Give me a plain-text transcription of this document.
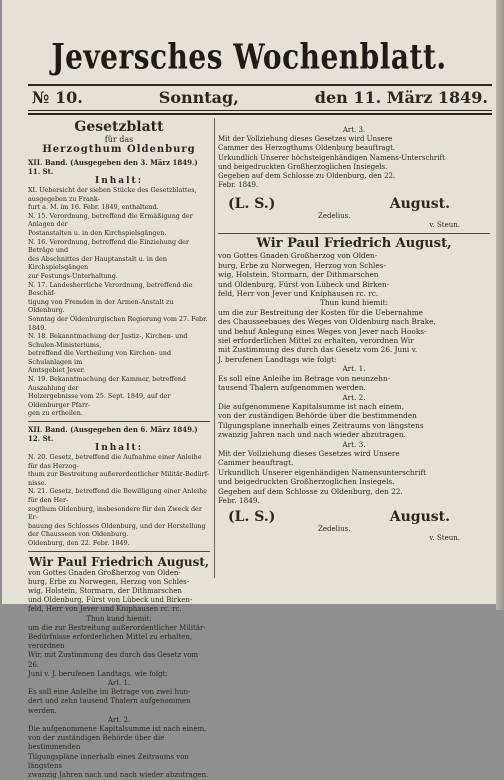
Jeversches Wochenblatt.
№ 10.	Sonntag,	den 11. März 1849.
Gesetzblatt
für das
Herzogthum Oldenburg
XII. Band. (Ausgegeben den 3. März 1849.) 11. St.
Inhalt:
XI. Uebersicht der sieben Stücke des Gesetzblattes, ausgegeben zu Frank-
furt a. M. im 16. Febr. 1849, enthaltend.
N. 15. Verordnung, betreffend die Ermäßigung der Anlagen der
Postanstalten u. in den Kirchspielsgängen.
N. 16. Verordnung, betreffend die Einziehung der Beträge und
des Abschnittes der Hauptanstalt u. in den Kirchspielsgängen
zur Festungs-Unterhaltung.
N. 17. Landesherrliche Verordnung, betreffend die Beschäf-
tigung von Fremden in der Armen-Anstalt zu Oldenburg.
Sonntag der Oldenburgischen Regierung vom 27. Febr.
1849.
N. 18. Bekanntmachung der Justiz-, Kirchen- und Schulen-Ministeriums,
betreffend die Vertheilung von Kirchen- und Schulanlagen im
Amtsgebiet Jever.
N. 19. Bekanntmachung der Kammer, betreffend Auszahlung der
Holzergebnisse vom 25. Sept. 1849, auf der Oldenburger Pfarr-
gen zu ertheilen.
XII. Band. (Ausgegeben den 6. März 1849.) 12. St.
Inhalt:
N. 20. Gesetz, betreffend die Aufnahme einer Anleihe für das Herzog-
thum zur Bestreitung außerordentlicher Militär-Bedürf-
nisse.
N. 21. Gesetz, betreffend die Bewilligung einer Anleihe für den Her-
zogthum Oldenburg, insbesondere für den Zweck der Er-
bauung des Schlosses Oldenburg, und der Herstellung
der Chausseen von Oldenburg.
Oldenburg, den 22. Febr. 1849.
Wir Paul Friedrich August,
von Gottes Gnaden Großherzog von Olden-
burg, Erbe zu Norwegen, Herzog von Schles-
wig, Holstein, Stormarn, der Dithmarschen
und Oldenburg, Fürst von Lübeck und Birken-
feld, Herr von Jever und Kniphausen rc. rc.
Thun kund hiemit:
um die zur Bestreitung außerordentlicher Militär-
Bedürfnisse erforderlichen Mittel zu erhalten, verordnen
Wir, mit Zustimmung des durch das Gesetz vom 26.
Juni v. J. berufenen Landtags, wie folgt:
Art. 1.
Es soll eine Anleihe im Betrage von zwei hun-
dert und zehn tausend Thalern aufgenommen werden.
Art. 2.
Die aufgenommene Kapitalsumme ist nach einem,
von der zuständigen Behörde über die bestimmenden
Tilgungspläne innerhalb eines Zeitraums von längstens
zwanzig Jahren nach und nach wieder abzutragen.
Art. 3.
Mit der Vollziehung dieses Gesetzes wird Unsere
Cammer des Herzogthums Oldenburg beauftragt.
Urkundlich Unserer höchsteigenhändigen Namens-Unterschrift
und beigedruckten Großherzoglichen Insiegels.
Gegeben auf dem Schlosse zu Oldenburg, den 22.
Febr. 1849.
(L. S.)	August.
Zedelius.
v. Steun.
Wir Paul Friedrich August,
von Gottes Gnaden Großherzog von Olden-
burg, Erbe zu Norwegen, Herzog von Schles-
wig, Holstein, Stormarn, der Dithmarschen
und Oldenburg, Fürst von Lübeck und Birken-
feld, Herr von Jever und Kniphausen rc. rc.
Thun kund hiemit:
um die zur Bestreitung der Kosten für die Uebernahme
des Chausseebaues des Weges von Oldenburg nach Brake,
und behuf Anlegung eines Weges von Jever nach Hooks-
siel erforderlichen Mittel zu erhalten, verordnen Wir
mit Zustimmung des durch das Gesetz vom 26. Juni v.
J. berufenen Landtags wie folgt:
Art. 1.
Es soll eine Anleihe im Betrage von neunzehn-
tausend Thalern aufgenommen werden.
Art. 2.
Die aufgenommene Kapitalsumme ist nach einem,
von der zuständigen Behörde über die bestimmenden
Tilgungsplane innerhalb eines Zeitraums von längstens
zwanzig Jahren nach und nach wieder abzutragen.
Art. 3.
Mit der Vollziehung dieses Gesetzes wird Unsere
Cammer beauftragt.
Urkundlich Unserer eigenhändigen Namensunterschrift
und beigedruckten Großherzoglichen Insiegels.
Gegeben auf dem Schlosse zu Oldenburg, den 22.
Febr. 1849.
(L. S.)	August.
Zedelius.
v. Steun.
